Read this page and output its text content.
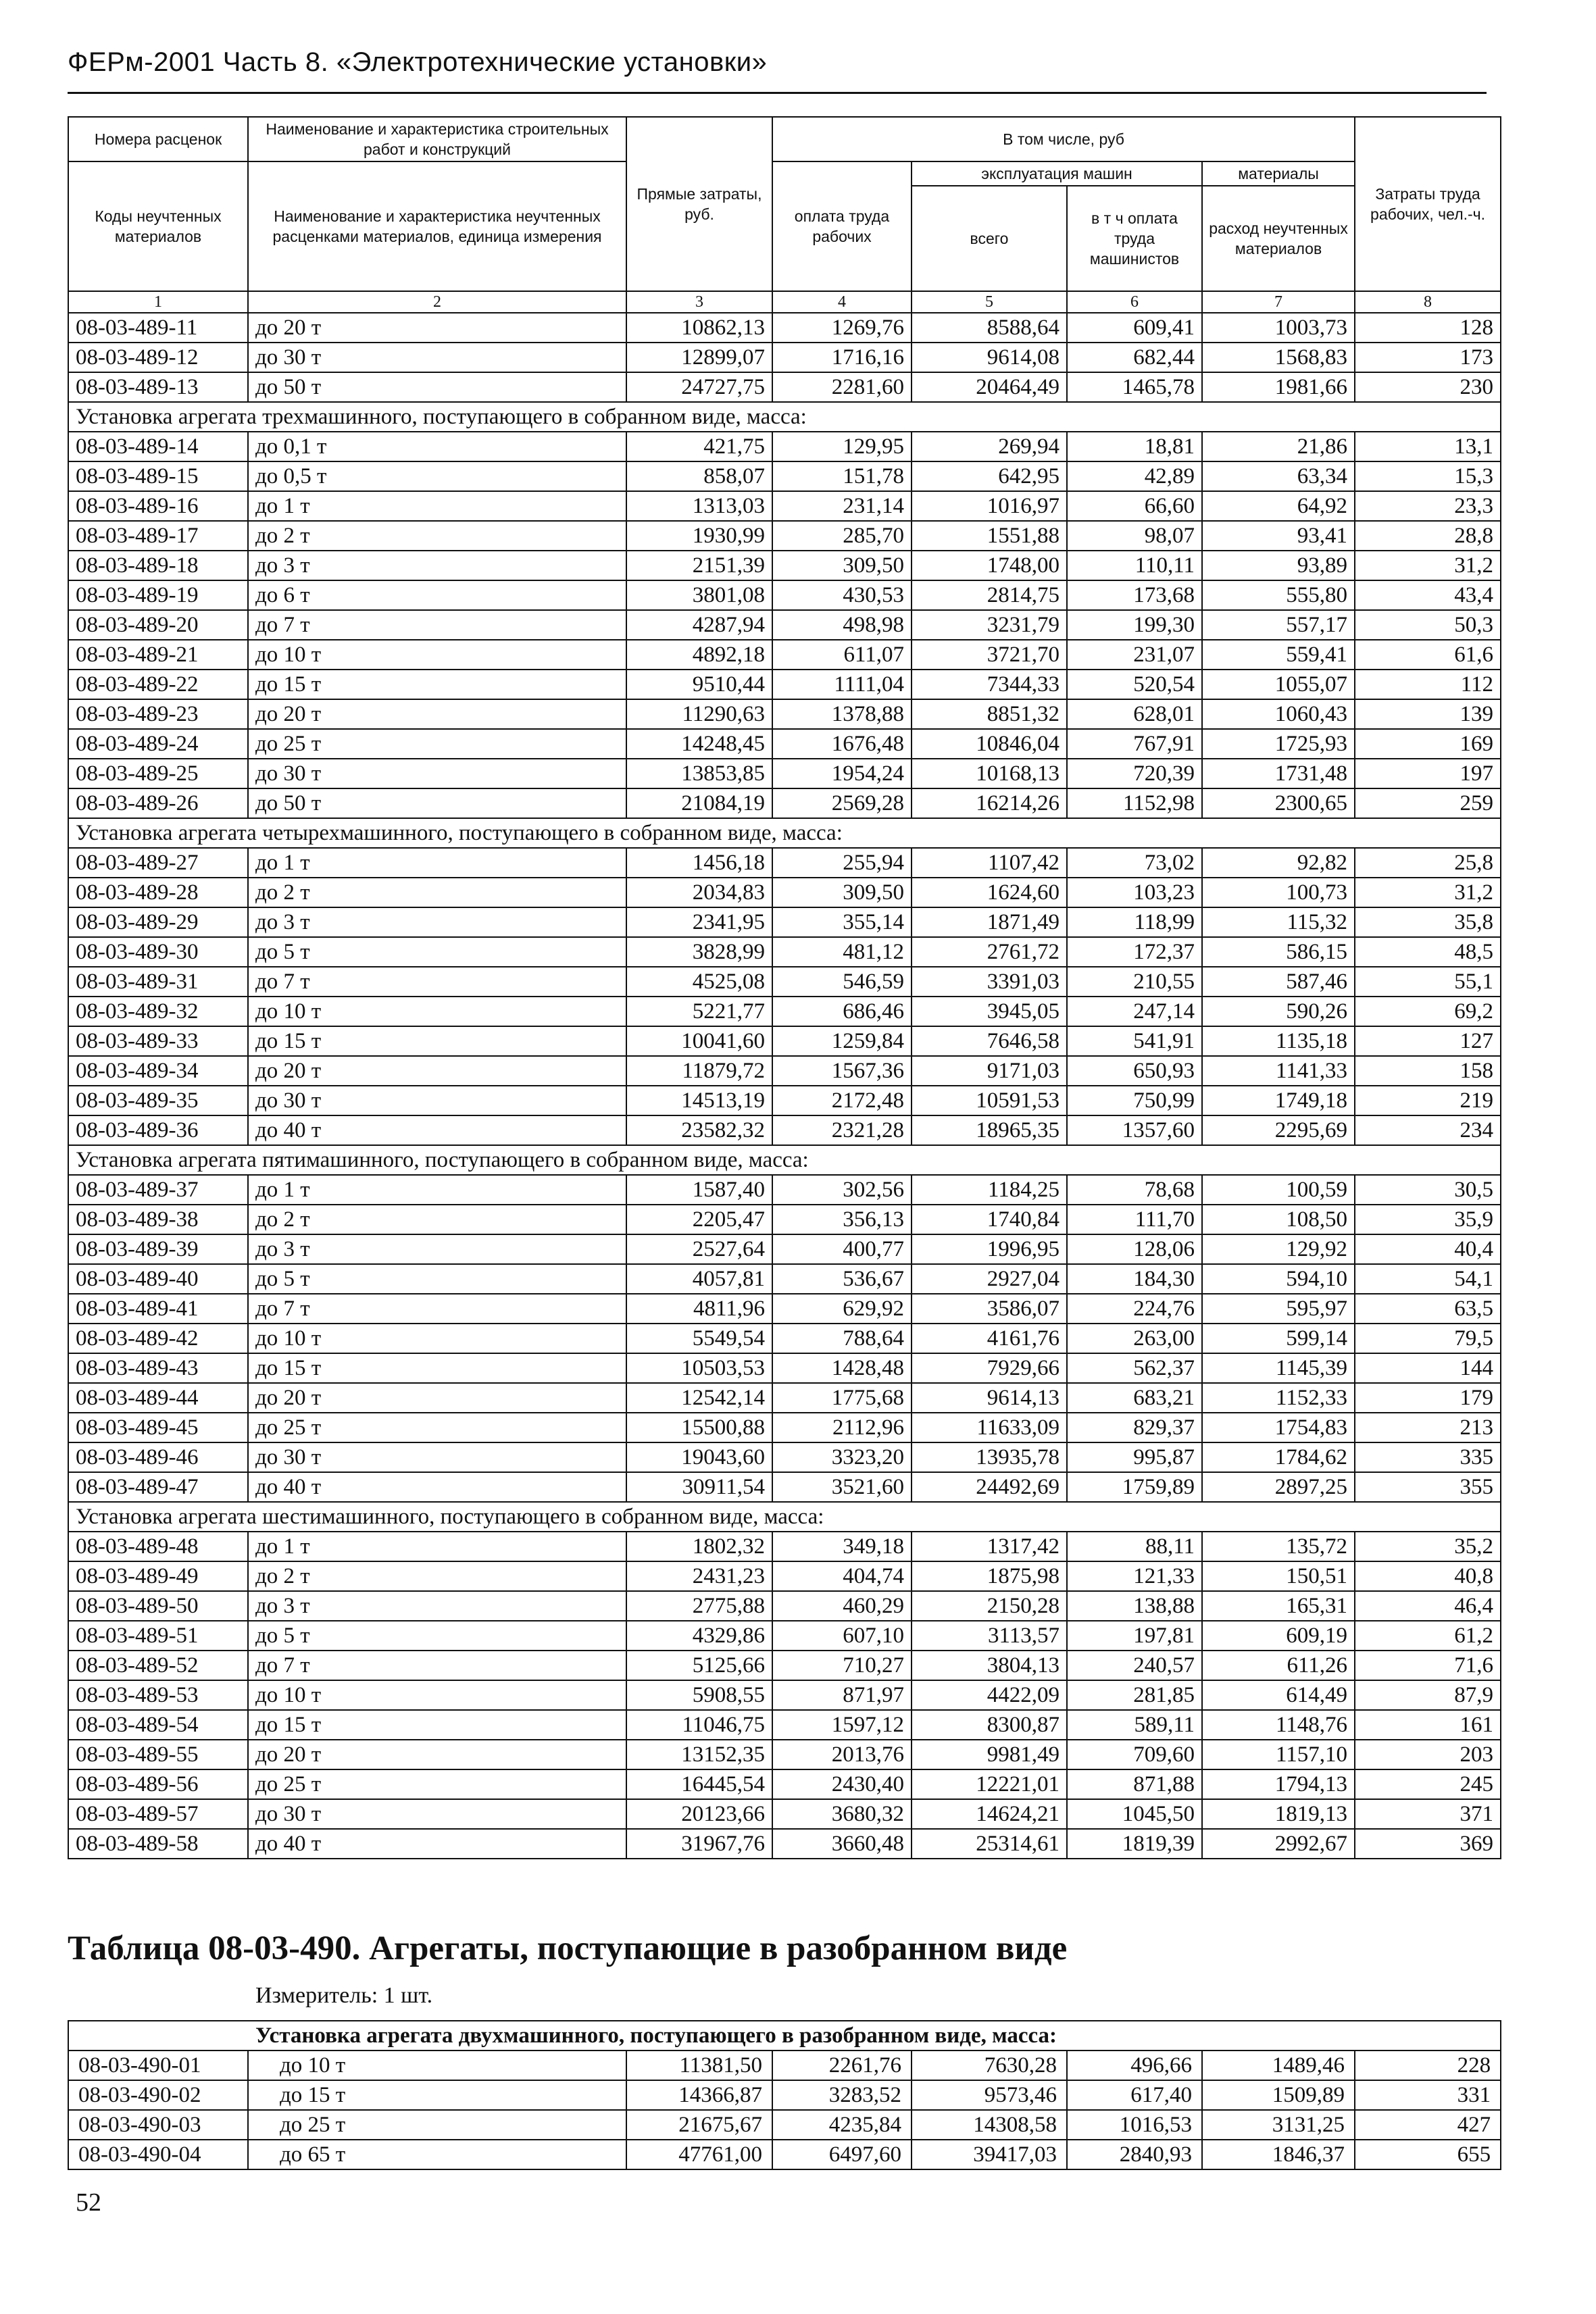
ФЕРм-2001 Часть 8. «Электротехнические установки»
Номера расценок	Наименование и характеристика строительных работ и конструкций	Прямые затраты, руб.	В том числе, руб				Затраты труда рабочих, чел.-ч.
Коды неучтенных материалов	Наименование и характеристика неучтенных расценками материалов, единица измерения		оплата труда рабочих	эксплуатация машин		материалы	
				всего	в т ч оплата труда машинистов	расход неучтенных материалов	
1	2	3	4	5	6	7	8
08-03-489-11	до 20 т	10862,13	1269,76	8588,64	609,41	1003,73	128
08-03-489-12	до 30 т	12899,07	1716,16	9614,08	682,44	1568,83	173
08-03-489-13	до 50 т	24727,75	2281,60	20464,49	1465,78	1981,66	230
Установка агрегата трехмашинного, поступающего в собранном виде, масса:							
08-03-489-14	до 0,1 т	421,75	129,95	269,94	18,81	21,86	13,1
08-03-489-15	до 0,5 т	858,07	151,78	642,95	42,89	63,34	15,3
08-03-489-16	до 1 т	1313,03	231,14	1016,97	66,60	64,92	23,3
08-03-489-17	до 2 т	1930,99	285,70	1551,88	98,07	93,41	28,8
08-03-489-18	до 3 т	2151,39	309,50	1748,00	110,11	93,89	31,2
08-03-489-19	до 6 т	3801,08	430,53	2814,75	173,68	555,80	43,4
08-03-489-20	до 7 т	4287,94	498,98	3231,79	199,30	557,17	50,3
08-03-489-21	до 10 т	4892,18	611,07	3721,70	231,07	559,41	61,6
08-03-489-22	до 15 т	9510,44	1111,04	7344,33	520,54	1055,07	112
08-03-489-23	до 20 т	11290,63	1378,88	8851,32	628,01	1060,43	139
08-03-489-24	до 25 т	14248,45	1676,48	10846,04	767,91	1725,93	169
08-03-489-25	до 30 т	13853,85	1954,24	10168,13	720,39	1731,48	197
08-03-489-26	до 50 т	21084,19	2569,28	16214,26	1152,98	2300,65	259
Установка агрегата четырехмашинного, поступающего в собранном виде, масса:							
08-03-489-27	до 1 т	1456,18	255,94	1107,42	73,02	92,82	25,8
08-03-489-28	до 2 т	2034,83	309,50	1624,60	103,23	100,73	31,2
08-03-489-29	до 3 т	2341,95	355,14	1871,49	118,99	115,32	35,8
08-03-489-30	до 5 т	3828,99	481,12	2761,72	172,37	586,15	48,5
08-03-489-31	до 7 т	4525,08	546,59	3391,03	210,55	587,46	55,1
08-03-489-32	до 10 т	5221,77	686,46	3945,05	247,14	590,26	69,2
08-03-489-33	до 15 т	10041,60	1259,84	7646,58	541,91	1135,18	127
08-03-489-34	до 20 т	11879,72	1567,36	9171,03	650,93	1141,33	158
08-03-489-35	до 30 т	14513,19	2172,48	10591,53	750,99	1749,18	219
08-03-489-36	до 40 т	23582,32	2321,28	18965,35	1357,60	2295,69	234
Установка агрегата пятимашинного, поступающего в собранном виде, масса:							
08-03-489-37	до 1 т	1587,40	302,56	1184,25	78,68	100,59	30,5
08-03-489-38	до 2 т	2205,47	356,13	1740,84	111,70	108,50	35,9
08-03-489-39	до 3 т	2527,64	400,77	1996,95	128,06	129,92	40,4
08-03-489-40	до 5 т	4057,81	536,67	2927,04	184,30	594,10	54,1
08-03-489-41	до 7 т	4811,96	629,92	3586,07	224,76	595,97	63,5
08-03-489-42	до 10 т	5549,54	788,64	4161,76	263,00	599,14	79,5
08-03-489-43	до 15 т	10503,53	1428,48	7929,66	562,37	1145,39	144
08-03-489-44	до 20 т	12542,14	1775,68	9614,13	683,21	1152,33	179
08-03-489-45	до 25 т	15500,88	2112,96	11633,09	829,37	1754,83	213
08-03-489-46	до 30 т	19043,60	3323,20	13935,78	995,87	1784,62	335
08-03-489-47	до 40 т	30911,54	3521,60	24492,69	1759,89	2897,25	355
Установка агрегата шестимашинного, поступающего в собранном виде, масса:							
08-03-489-48	до 1 т	1802,32	349,18	1317,42	88,11	135,72	35,2
08-03-489-49	до 2 т	2431,23	404,74	1875,98	121,33	150,51	40,8
08-03-489-50	до 3 т	2775,88	460,29	2150,28	138,88	165,31	46,4
08-03-489-51	до 5 т	4329,86	607,10	3113,57	197,81	609,19	61,2
08-03-489-52	до 7 т	5125,66	710,27	3804,13	240,57	611,26	71,6
08-03-489-53	до 10 т	5908,55	871,97	4422,09	281,85	614,49	87,9
08-03-489-54	до 15 т	11046,75	1597,12	8300,87	589,11	1148,76	161
08-03-489-55	до 20 т	13152,35	2013,76	9981,49	709,60	1157,10	203
08-03-489-56	до 25 т	16445,54	2430,40	12221,01	871,88	1794,13	245
08-03-489-57	до 30 т	20123,66	3680,32	14624,21	1045,50	1819,13	371
08-03-489-58	до 40 т	31967,76	3660,48	25314,61	1819,39	2992,67	369
Таблица 08-03-490. Агрегаты, поступающие в разобранном виде
Измеритель: 1 шт.
Установка агрегата двухмашинного, поступающего в разобранном виде, масса:							
08-03-490-01	до 10 т	11381,50	2261,76	7630,28	496,66	1489,46	228
08-03-490-02	до 15 т	14366,87	3283,52	9573,46	617,40	1509,89	331
08-03-490-03	до 25 т	21675,67	4235,84	14308,58	1016,53	3131,25	427
08-03-490-04	до 65 т	47761,00	6497,60	39417,03	2840,93	1846,37	655
52
